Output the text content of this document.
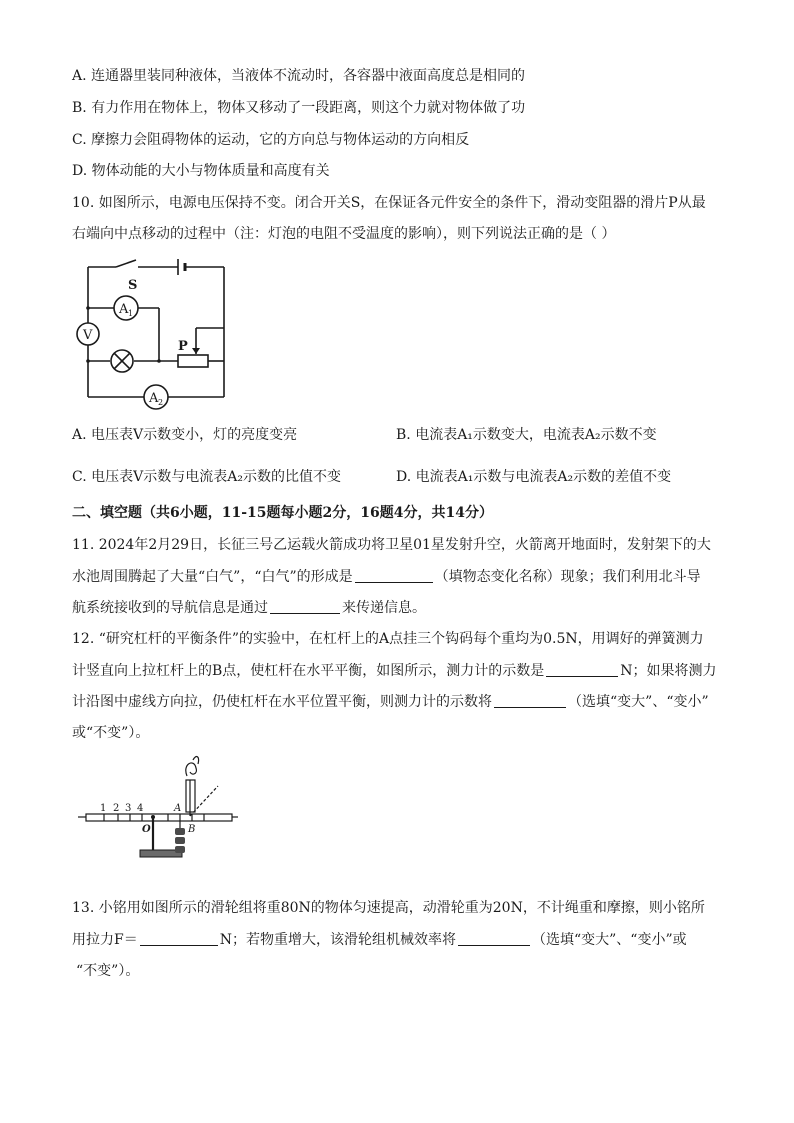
A. 连通器里装同种液体，当液体不流动时，各容器中液面高度总是相同的
B. 有力作用在物体上，物体又移动了一段距离，则这个力就对物体做了功
C. 摩擦力会阻碍物体的运动，它的方向总与物体运动的方向相反
D. 物体动能的大小与物体质量和高度有关
10. 如图所示，电源电压保持不变。闭合开关S，在保证各元件安全的条件下，滑动变阻器的滑片P从最
右端向中点移动的过程中（注：灯泡的电阻不受温度的影响），则下列说法正确的是（ ）
S
V
A 1
P
A 2
A. 电压表V示数变小，灯的亮度变亮	B. 电流表A₁示数变大，电流表A₂示数不变
C. 电压表V示数与电流表A₂示数的比值不变	D. 电流表A₁示数与电流表A₂示数的差值不变
二、填空题（共6小题，11-15题每小题2分，16题4分，共14分）
11. 2024年2月29日，长征三号乙运载火箭成功将卫星01星发射升空，火箭离开地面时，发射架下的大
水池周围腾起了大量“白气”，“白气”的形成是	（填物态变化名称）现象；我们利用北斗导
航系统接收到的导航信息是通过	来传递信息。
12. “研究杠杆的平衡条件”的实验中，在杠杆上的A点挂三个钩码每个重均为0.5N，用调好的弹簧测力
计竖直向上拉杠杆上的B点，使杠杆在水平平衡，如图所示，测力计的示数是	N；如果将测力
计沿图中虚线方向拉，仍使杠杆在水平位置平衡，则测力计的示数将	（选填“变大”、“变小”
或“不变”）。
1 2 3 4	A
O	B
13. 小铭用如图所示的滑轮组将重80N的物体匀速提高，动滑轮重为20N，不计绳重和摩擦，则小铭所
用拉力F＝	N；若物重增大，该滑轮组机械效率将	（选填“变大”、“变小”或
“不变”）。
